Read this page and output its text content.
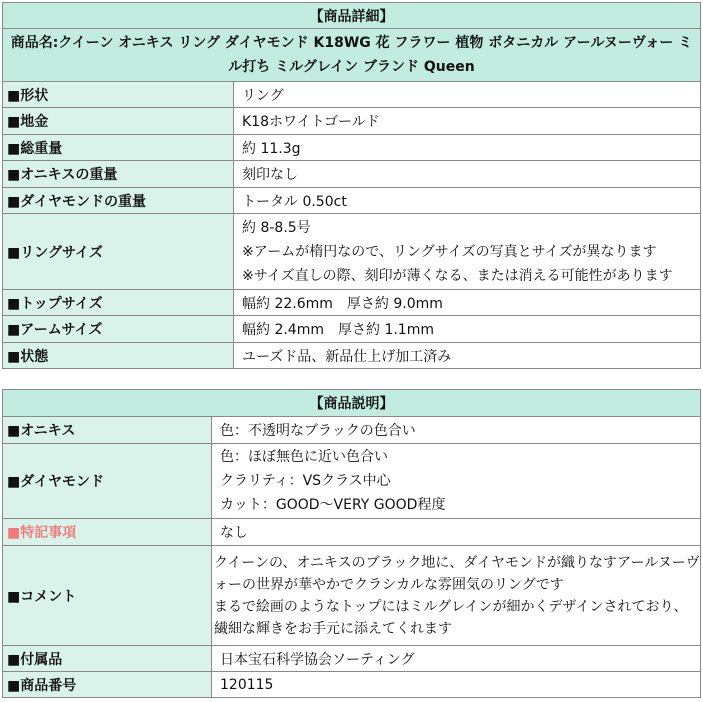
【商品詳細】	
商品名:クイーン オニキス リング ダイヤモンド K18WG 花 フラワー 植物 ボタニカル アールヌーヴォー ミル打ち ミルグレイン ブランド Queen	
■形状	リング

■地金	K18ホワイトゴールド

■総重量	約 11.3g

■オニキスの重量	刻印なし

■ダイヤモンドの重量	トータル 0.50ct

■リングサイズ	約 8-8.5号
※アームが楕円なので、リングサイズの写真とサイズが異なります
※サイズ直しの際、刻印が薄くなる、または消える可能性があります

■トップサイズ	幅約 22.6mm　厚さ約 9.0mm

■アームサイズ	幅約 2.4mm　厚さ約 1.1mm

■状態	ユーズド品、新品仕上げ加工済み
【商品説明】	
■オニキス	色：不透明なブラックの色合い

■ダイヤモンド	色：ほぼ無色に近い色合い
クラリティ：VSクラス中心
カット：GOOD～VERY GOOD程度

■特記事項	なし

■コメント	クイーンの、オニキスのブラック地に、ダイヤモンドが織りなすアールヌーヴォーの世界が華やかでクラシカルな雰囲気のリングです
まるで絵画のようなトップにはミルグレインが細かくデザインされており、繊細な輝きをお手元に添えてくれます

■付属品	日本宝石科学協会ソーティング

■商品番号	120115
